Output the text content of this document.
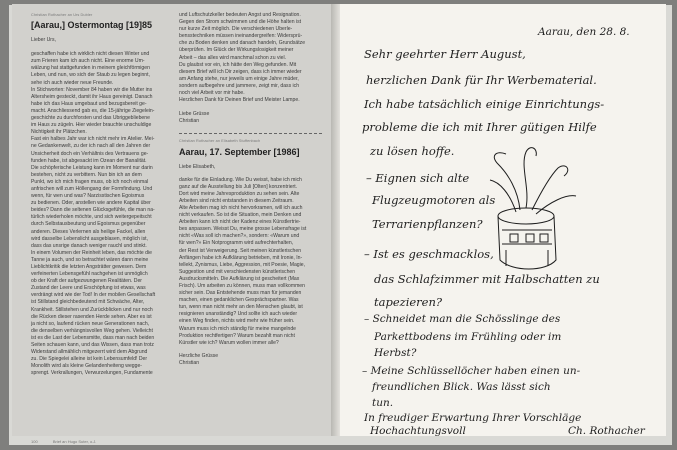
Christian Rothacher an Urs Dubler
[Aarau,] Ostermontag [19]85

Lieber Urs,

geschaffen habe ich wirklich nicht diesen Winter und
zum Frieren kam ich auch nicht. Eine enorme Um-
wälzung hat stattgefunden in meinem gleichförmigen
Leben, und nun, wo sich der Staub zu legen beginnt,
sehe ich auch wieder neue Freunde.
In Stichworten: November 84 haben wir die Mutter ins
Altersheim gesteckt, damit ihr Haus gereinigt. Danach
habe ich das Haus umgebaut und bezugsbereit ge-
macht. Anschliessend gab es, die 15-jährige Ziegelein-
geschichte zu durchforsten und das Übriggebliebene
im Haus zu zügeln. Hier wieder brauchte unschuldige
Nichtigkeit ihr Plätzchen.
Fast ein halbes Jahr war ich nicht mehr im Atelier. Mei-
ne Gedankenwelt, zu der ich nach all den Jahren der
Unsicherheit doch ein Verhältnis des Vertrauens ge-
funden habe, ist abgesackt im Ozean der Banalität.
Die schöpferische Leistung kann im Moment nur darin
bestehen, nicht zu verbittern. Nun bin ich an dem
Punkt, wo ich mich fragen muss, ob ich noch einmal
anfrischen will zum Höllengang der Formfindung. Und
wenn, für wen und was? Narzisstischen Egoismus
zu bedienen. Oder, anstellen wie andere Kapital über
beides? Dann die seltenen Glücksgefühle, die man na-
türlich wiederholen möchte, und sich weitergepeitscht
durch Selbstausbeutung und Egoismus gegenüber
anderen. Dieses Verlernen als heilige Fackel, allen
wird dasselbe Lebenslicht ausgeblasen, möglich ist,
dass das unsrige danach weniger rauchl und stinkt.
In einem Volumen der Reinheit leben, das möchte die
Tanne ja auch, und so betrachtet wären dann meine
Lieblichtkritik die letzten Angsträtter gewesen. Dem
verfeinerten Lebensgefühl nachgehen ist unmöglich
ob der Kraft der aufgezwungenen Realitäten. Der
Zustand der Leere und Erschöpfung ist etwas, was
verdrängt wird wie der Tod! In der mobilen Gesellschaft
ist Stillstand gleichbedeutend mit Schwäche, Alter,
Krankheit. Stillstehen und Zurückblicken und nur noch
die Rücken dieser rasenden Herde sehen. Aber es ist
ja nicht so, laufend rücken neue Generationen nach,
die denselben verhängnisvollen Weg gehen. Vielleicht
ist es die Last der Lebensmitte, dass man nach beiden
Seiten schauen kann, und das Wissen, dass man trotz
Widerstand allmählich mitgezerrt wird dem Abgrund
zu. Die Spiegelei alleine ist kein Lebensumfeld! Der
Monolith wird als kleine Gelandenheiteng weggе-
sprengt. Verkrallungen, Verwurzelungen, Fundamente
und Luftschutzkeller bedeuten Angst und Resignation.
Gegen den Strom schwimmen und die Höhe halten ist
nur kurze Zeit möglich. Die verschiedenen Überle-
bensstechniken müssen ineinandergreifen: Widersprü-
che zu Boden denken und danach handeln, Grundsätze
überprüfen. Im Glück der Wirkungslosigkeit meiner
Arbeit – das alles wird manchmal schon zu viel.
Du glaubst vor ein, ich hätte den Weg gefunden. Mit
diesem Brief will ich Dir zeigen, dass ich immer wieder
am Anfang stehe, nur jeweils um einige Jahre müder,
sondern aufbegehrе und jammere, zeigt mir, dass ich
noch viel Arbeit vor mir habe.
Herzlichen Dank für Deinen Brief und Meister Lampe.

Liebe Grüsse

Christian

Christian Rothacher an Elisabeth Stuffenbach
Aarau, 17. September [1986]

Liebe Elisabeth,

danke für die Einladung. Wie Du weisst, habe ich mich
ganz auf die Ausstellung bis Juli [Olten] konzentriert.
Dort wird meine Jahresproduktion zu sehen sein. Alte
Arbeiten sind nicht entstanden in diesem Zeitraum.
Alte Arbeiten mag ich nicht hervorkramen, will ich auch
nicht verkaufen. So ist die Situation, mein Denken und
Arbeiten kann ich nicht der Kadenz eines Künstlertrie-
bes anpassen. Weisst Du, meine grosse Lebensfrage ist
nicht «Was soll ich machen?», sondern: «Warum und
für wen?» Ein Notprogramm wird aufrechterhalten,
der Rest ist Verweigerung. Seit meinen künstlerischen
Anfängen habe ich Aufklärung betrieben, mit Ironie, In-
tellekt, Zynismus, Liebe, Aggression, mit Poesie, Magie,
Suggestion und mit verschiedensten künstlerischen
Ausdrucksmitteln. Die Aufklärung ist gescheitert (Max
Frisch). Um arbeiten zu können, muss man vollkommen
sicher sein. Das Entstehende muss man für jemanden
machen, einen gedanklichen Gesprächspartner. Was
tun, wenn man nicht mehr an den Menschen glaubt, ist
resignieren unanständig? Und sollte ich auch wieder
einen Weg finden, nichts wird mehr wie früher sein.
Warum muss ich mich ständig für meine mangelnde
Produktion rechtfertigen? Warum bezahlt man nicht
Künstler wie ich? Warum wollen immer alle?

Herzliche Grüsse

Christian

100	Brief an Hugo Suter, o.J.
Aarau, den 28. 8.
Sehr geehrter Herr August,
herzlichen Dank für Ihr Werbematerial.
Ich habe tatsächlich einige Einrichtungs-
probleme die ich mit Ihrer gütigen Hilfe
zu lösen hoffe.
– Eignen sich alte
Flugzeugmotoren als
Terrarienpflanzen?
– Ist es geschmacklos,
das Schlafzimmer mit Halbschatten zu
tapezieren?
– Schneidet man die Schösslinge des
Parkettbodens im Frühling oder im
Herbst?
– Meine Schlüssellöcher haben einen un-
freundlichen Blick. Was lässt sich
tun.
In freudiger Erwartung Ihrer Vorschläge
Hochachtungsvoll	Ch. Rothacher
